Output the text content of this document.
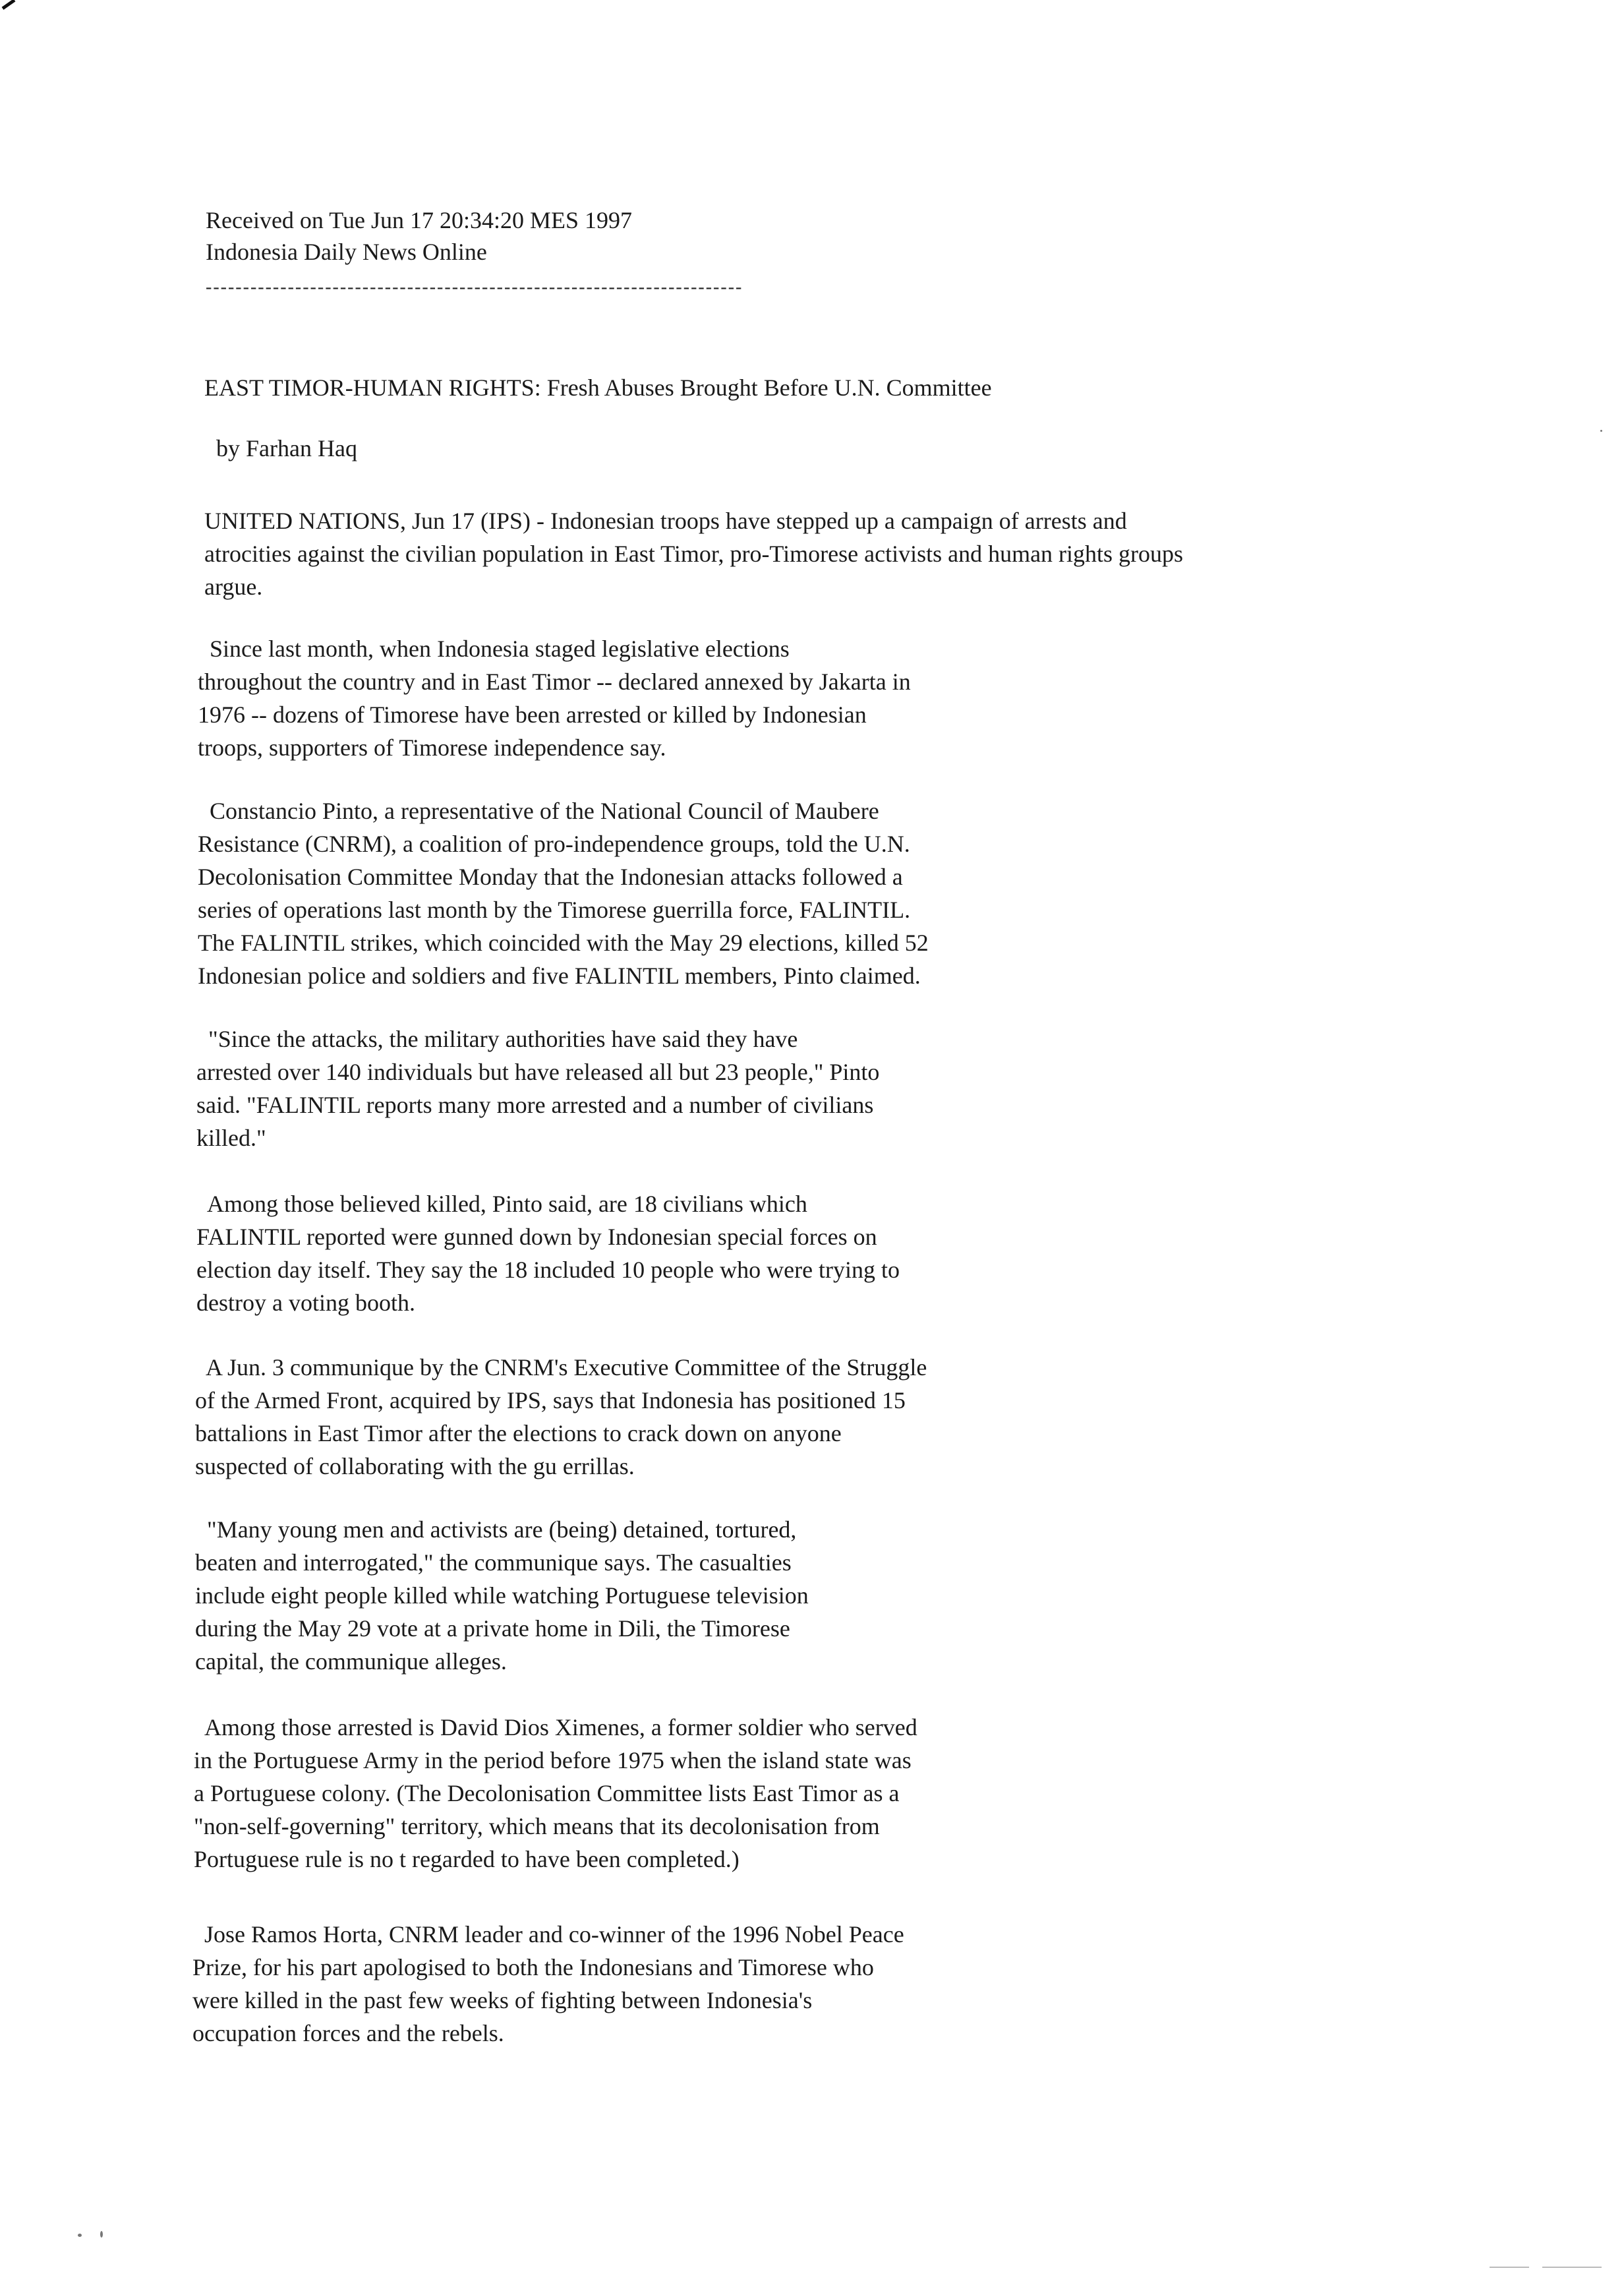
Received on Tue Jun 17 20:34:20 MES 1997
Indonesia Daily News Online
------------------------------------------------------------------------
EAST TIMOR-HUMAN RIGHTS: Fresh Abuses Brought Before U.N. Committee
by Farhan Haq
UNITED NATIONS, Jun 17 (IPS) - Indonesian troops have stepped up a campaign of arrests and
atrocities against the civilian population in East Timor, pro-Timorese activists and human rights groups
argue.
Since last month, when Indonesia staged legislative elections
throughout the country and in East Timor -- declared annexed by Jakarta in
1976 -- dozens of Timorese have been arrested or killed by Indonesian
troops, supporters of Timorese independence say.
Constancio Pinto, a representative of the National Council of Maubere
Resistance (CNRM), a coalition of pro-independence groups, told the U.N.
Decolonisation Committee Monday that the Indonesian attacks followed a
series of operations last month by the Timorese guerrilla force, FALINTIL.
The FALINTIL strikes, which coincided with the May 29 elections, killed 52
Indonesian police and soldiers and five FALINTIL members, Pinto claimed.
"Since the attacks, the military authorities have said they have
arrested over 140 individuals but have released all but 23 people," Pinto
said. "FALINTIL reports many more arrested and a number of civilians
killed."
Among those believed killed, Pinto said, are 18 civilians which
FALINTIL reported were gunned down by Indonesian special forces on
election day itself. They say the 18 included 10 people who were trying to
destroy a voting booth.
A Jun. 3 communique by the CNRM's Executive Committee of the Struggle
of the Armed Front, acquired by IPS, says that Indonesia has positioned 15
battalions in East Timor after the elections to crack down on anyone
suspected of collaborating with the gu errillas.
"Many young men and activists are (being) detained, tortured,
beaten and interrogated," the communique says. The casualties
include eight people killed while watching Portuguese television
during the May 29 vote at a private home in Dili, the Timorese
capital, the communique alleges.
Among those arrested is David Dios Ximenes, a former soldier who served
in the Portuguese Army in the period before 1975 when the island state was
a Portuguese colony. (The Decolonisation Committee lists East Timor as a
"non-self-governing" territory, which means that its decolonisation from
Portuguese rule is no t regarded to have been completed.)
Jose Ramos Horta, CNRM leader and co-winner of the 1996 Nobel Peace
Prize, for his part apologised to both the Indonesians and Timorese who
were killed in the past few weeks of fighting between Indonesia's
occupation forces and the rebels.
